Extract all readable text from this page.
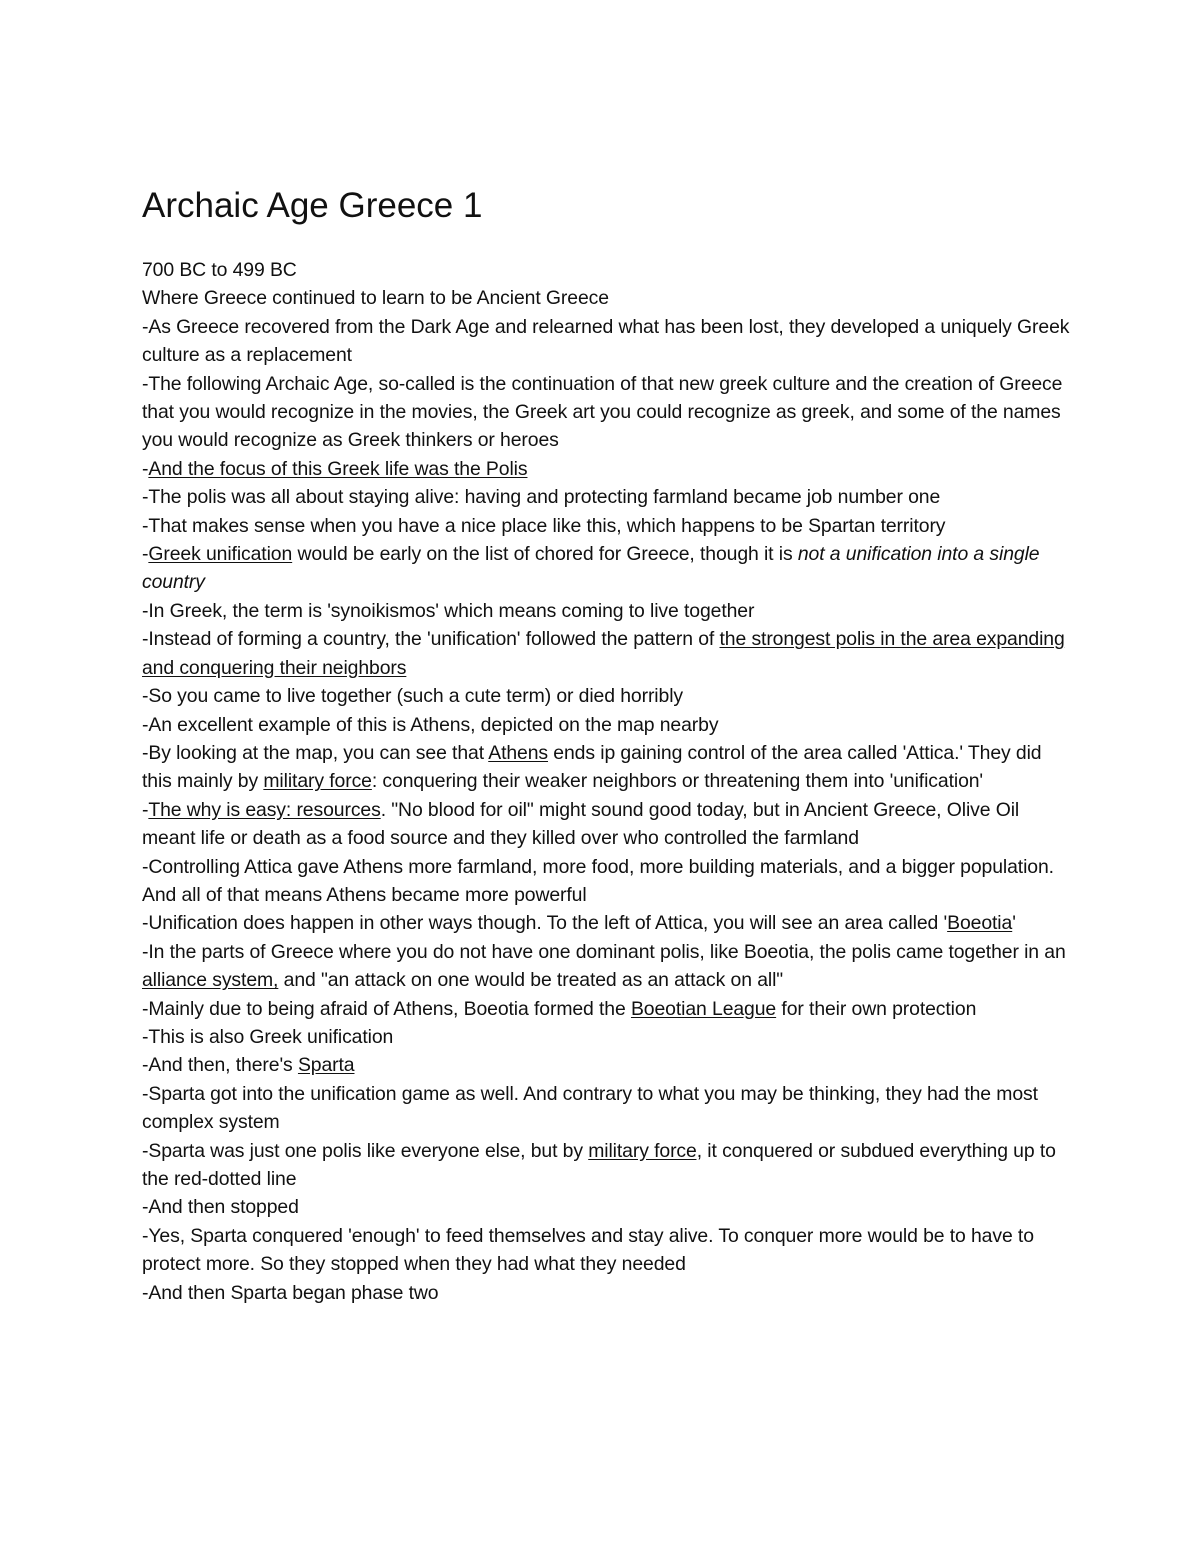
Archaic Age Greece 1

700 BC to 499 BC

Where Greece continued to learn to be Ancient Greece

-As Greece recovered from the Dark Age and relearned what has been lost, they developed a uniquely Greek culture as a replacement

-The following Archaic Age, so-called is the continuation of that new greek culture and the creation of Greece that you would recognize in the movies, the Greek art you could recognize as greek, and some of the names you would recognize as Greek thinkers or heroes

-And the focus of this Greek life was the Polis

-The polis was all about staying alive: having and protecting farmland became job number one

-That makes sense when you have a nice place like this, which happens to be Spartan territory

-Greek unification would be early on the list of chored for Greece, though it is not a unification into a single country

-In Greek, the term is 'synoikismos' which means coming to live together

-Instead of forming a country, the 'unification' followed the pattern of the strongest polis in the area expanding and conquering their neighbors

-So you came to live together (such a cute term) or died horribly

-An excellent example of this is Athens, depicted on the map nearby

-By looking at the map, you can see that Athens ends ip gaining control of the area called 'Attica.' They did this mainly by military force: conquering their weaker neighbors or threatening them into 'unification'

-The why is easy: resources. "No blood for oil" might sound good today, but in Ancient Greece, Olive Oil meant life or death as a food source and they killed over who controlled the farmland

-Controlling Attica gave Athens more farmland, more food, more building materials, and a bigger population. And all of that means Athens became more powerful

-Unification does happen in other ways though. To the left of Attica, you will see an area called 'Boeotia'

-In the parts of Greece where you do not have one dominant polis, like Boeotia, the polis came together in an alliance system, and "an attack on one would be treated as an attack on all"

-Mainly due to being afraid of Athens, Boeotia formed the Boeotian League for their own protection

-This is also Greek unification

-And then, there's Sparta

-Sparta got into the unification game as well. And contrary to what you may be thinking, they had the most complex system

-Sparta was just one polis like everyone else, but by military force, it conquered or subdued everything up to the red-dotted line

-And then stopped

-Yes, Sparta conquered 'enough' to feed themselves and stay alive. To conquer more would be to have to protect more. So they stopped when they had what they needed

-And then Sparta began phase two
